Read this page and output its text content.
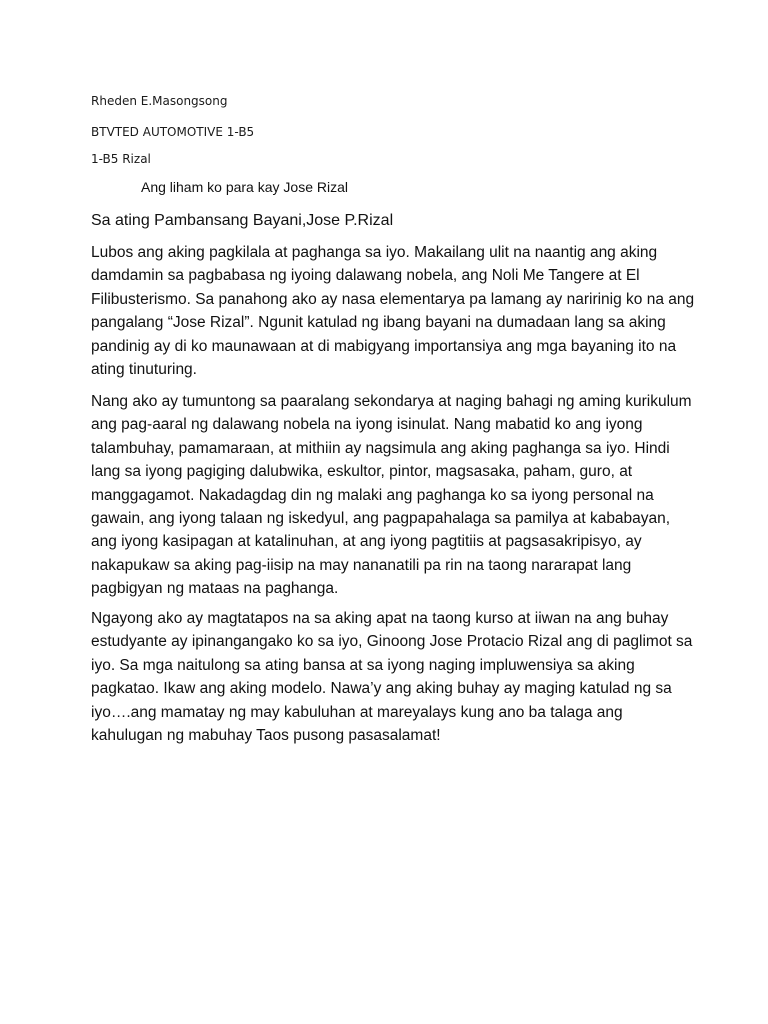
Rheden E.Masongsong
BTVTED AUTOMOTIVE 1-B5
1-B5 Rizal
Ang liham ko para kay Jose Rizal
Sa ating Pambansang Bayani,Jose P.Rizal
Lubos ang aking pagkilala at paghanga sa iyo. Makailang ulit na naantig ang aking
damdamin sa pagbabasa ng iyoing dalawang nobela, ang Noli Me Tangere at El
Filibusterismo. Sa panahong ako ay nasa elementarya pa lamang ay naririnig ko na ang
pangalang “Jose Rizal”. Ngunit katulad ng ibang bayani na dumadaan lang sa aking
pandinig ay di ko maunawaan at di mabigyang importansiya ang mga bayaning ito na
ating tinuturing.
Nang ako ay tumuntong sa paaralang sekondarya at naging bahagi ng aming kurikulum
ang pag-aaral ng dalawang nobela na iyong isinulat. Nang mabatid ko ang iyong
talambuhay, pamamaraan, at mithiin ay nagsimula ang aking paghanga sa iyo. Hindi
lang sa iyong pagiging dalubwika, eskultor, pintor, magsasaka, paham, guro, at
manggagamot. Nakadagdag din ng malaki ang paghanga ko sa iyong personal na
gawain, ang iyong talaan ng iskedyul, ang pagpapahalaga sa pamilya at kababayan,
ang iyong kasipagan at katalinuhan, at ang iyong pagtitiis at pagsasakripisyo, ay
nakapukaw sa aking pag-iisip na may nananatili pa rin na taong nararapat lang
pagbigyan ng mataas na paghanga.
Ngayong ako ay magtatapos na sa aking apat na taong kurso at iiwan na ang buhay
estudyante ay ipinangangako ko sa iyo, Ginoong Jose Protacio Rizal ang di paglimot sa
iyo. Sa mga naitulong sa ating bansa at sa iyong naging impluwensiya sa aking
pagkatao. Ikaw ang aking modelo. Nawa’y ang aking buhay ay maging katulad ng sa
iyo….ang mamatay ng may kabuluhan at mareyalays kung ano ba talaga ang
kahulugan ng mabuhay Taos pusong pasasalamat!
